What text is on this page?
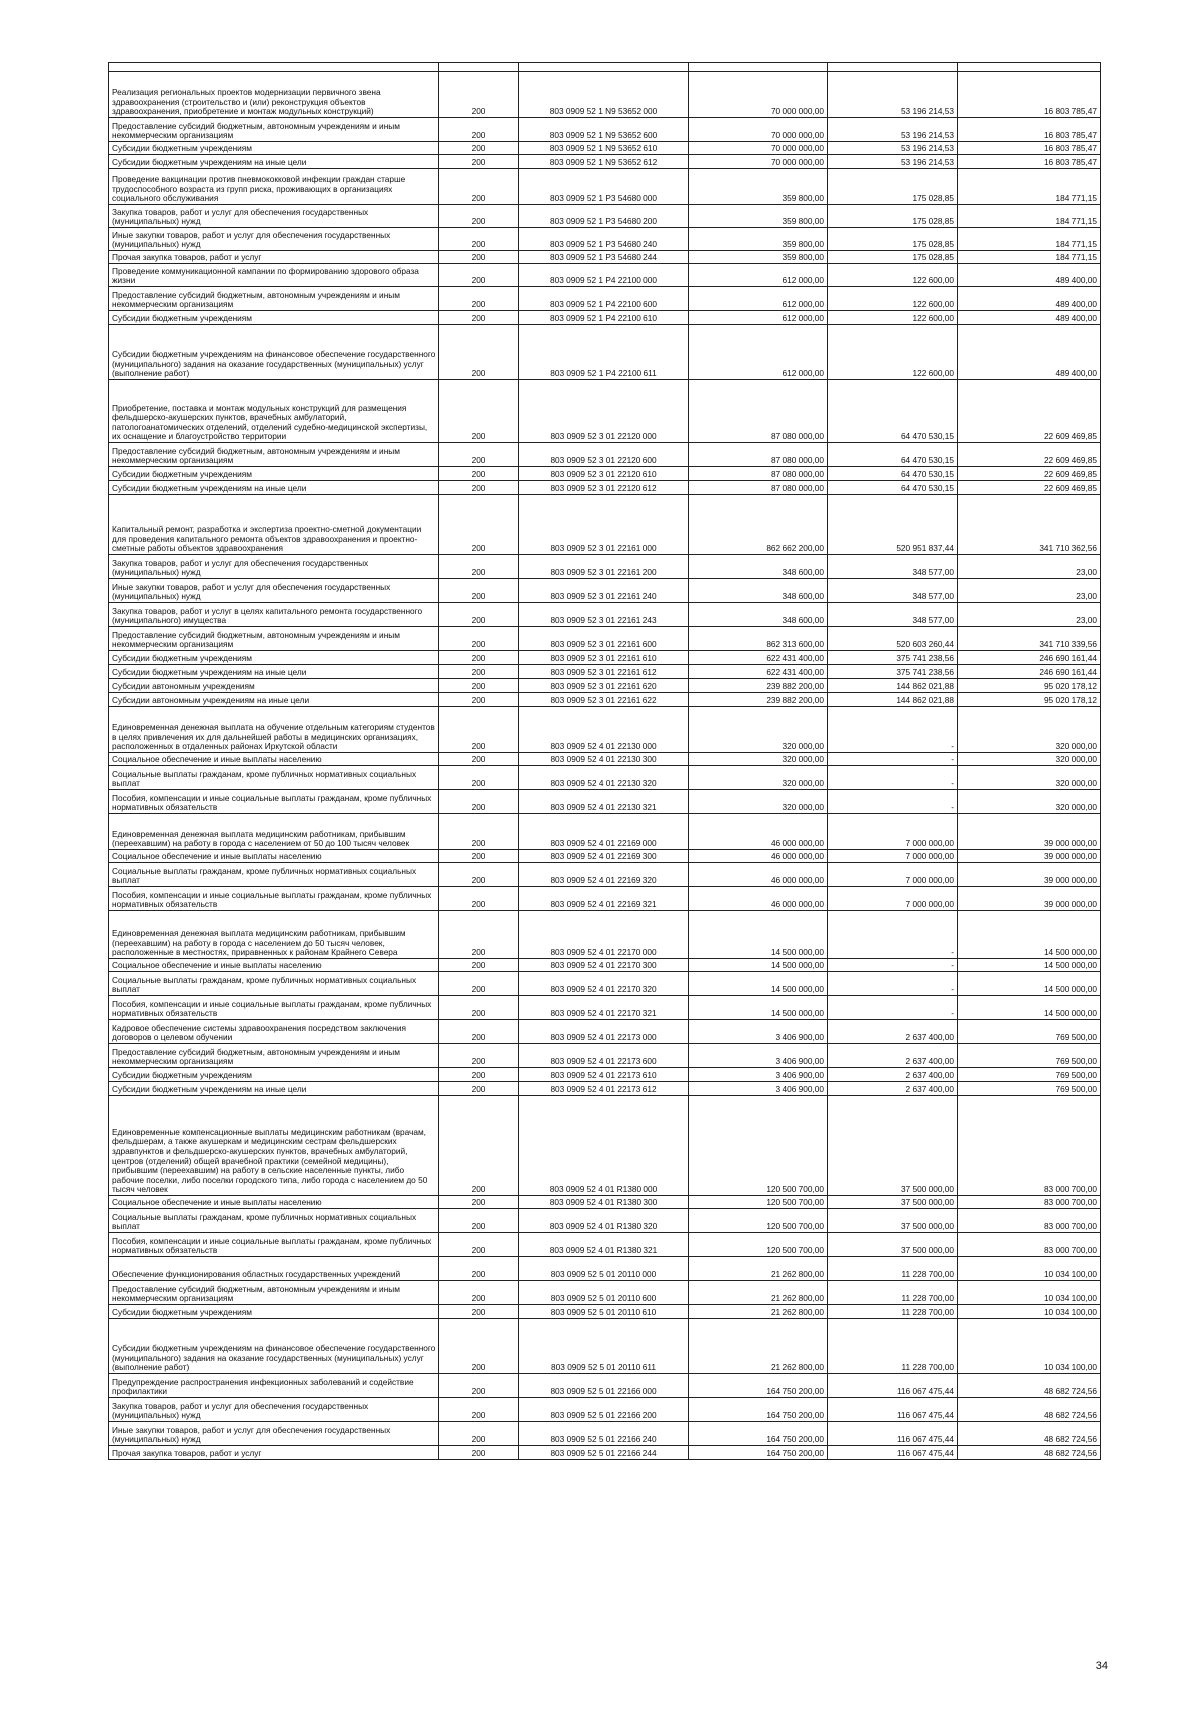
Реализация региональных проектов модернизации первичного звена здравоохранения (строительство и (или) реконструкция объектов здравоохранения, приобретение и монтаж модульных конструкций)	200	803 0909 52 1 N9 53652 000	70 000 000,00	53 196 214,53	16 803 785,47
Предоставление субсидий бюджетным, автономным учреждениям и иным некоммерческим организациям	200	803 0909 52 1 N9 53652 600	70 000 000,00	53 196 214,53	16 803 785,47
Субсидии бюджетным учреждениям	200	803 0909 52 1 N9 53652 610	70 000 000,00	53 196 214,53	16 803 785,47
Субсидии бюджетным учреждениям на иные цели	200	803 0909 52 1 N9 53652 612	70 000 000,00	53 196 214,53	16 803 785,47
Проведение вакцинации против пневмококковой инфекции граждан старше трудоспособного возраста из групп риска, проживающих в организациях социального обслуживания	200	803 0909 52 1 P3 54680 000	359 800,00	175 028,85	184 771,15
Закупка товаров, работ и услуг для обеспечения государственных (муниципальных) нужд	200	803 0909 52 1 P3 54680 200	359 800,00	175 028,85	184 771,15
Иные закупки товаров, работ и услуг для обеспечения государственных (муниципальных) нужд	200	803 0909 52 1 P3 54680 240	359 800,00	175 028,85	184 771,15
Прочая закупка товаров, работ и услуг	200	803 0909 52 1 P3 54680 244	359 800,00	175 028,85	184 771,15
Проведение коммуникационной кампании по формированию здорового образа жизни	200	803 0909 52 1 P4 22100 000	612 000,00	122 600,00	489 400,00
Предоставление субсидий бюджетным, автономным учреждениям и иным некоммерческим организациям	200	803 0909 52 1 P4 22100 600	612 000,00	122 600,00	489 400,00
Субсидии бюджетным учреждениям	200	803 0909 52 1 P4 22100 610	612 000,00	122 600,00	489 400,00
Субсидии бюджетным учреждениям на финансовое обеспечение государственного (муниципального) задания на оказание государственных (муниципальных) услуг (выполнение работ)	200	803 0909 52 1 P4 22100 611	612 000,00	122 600,00	489 400,00
Приобретение, поставка и монтаж модульных конструкций для размещения фельдшерско-акушерских пунктов, врачебных амбулаторий, патологоанатомических отделений, отделений судебно-медицинской экспертизы, их оснащение и благоустройство территории	200	803 0909 52 3 01 22120 000	87 080 000,00	64 470 530,15	22 609 469,85
Предоставление субсидий бюджетным, автономным учреждениям и иным некоммерческим организациям	200	803 0909 52 3 01 22120 600	87 080 000,00	64 470 530,15	22 609 469,85
Субсидии бюджетным учреждениям	200	803 0909 52 3 01 22120 610	87 080 000,00	64 470 530,15	22 609 469,85
Субсидии бюджетным учреждениям на иные цели	200	803 0909 52 3 01 22120 612	87 080 000,00	64 470 530,15	22 609 469,85
Капитальный ремонт, разработка и экспертиза проектно-сметной документации для проведения капитального ремонта объектов здравоохранения и проектно-сметные работы объектов здравоохранения	200	803 0909 52 3 01 22161 000	862 662 200,00	520 951 837,44	341 710 362,56
Закупка товаров, работ и услуг для обеспечения государственных (муниципальных) нужд	200	803 0909 52 3 01 22161 200	348 600,00	348 577,00	23,00
Иные закупки товаров, работ и услуг для обеспечения государственных (муниципальных) нужд	200	803 0909 52 3 01 22161 240	348 600,00	348 577,00	23,00
Закупка товаров, работ и услуг в целях капитального ремонта государственного (муниципального) имущества	200	803 0909 52 3 01 22161 243	348 600,00	348 577,00	23,00
Предоставление субсидий бюджетным, автономным учреждениям и иным некоммерческим организациям	200	803 0909 52 3 01 22161 600	862 313 600,00	520 603 260,44	341 710 339,56
Субсидии бюджетным учреждениям	200	803 0909 52 3 01 22161 610	622 431 400,00	375 741 238,56	246 690 161,44
Субсидии бюджетным учреждениям на иные цели	200	803 0909 52 3 01 22161 612	622 431 400,00	375 741 238,56	246 690 161,44
Субсидии автономным учреждениям	200	803 0909 52 3 01 22161 620	239 882 200,00	144 862 021,88	95 020 178,12
Субсидии автономным учреждениям на иные цели	200	803 0909 52 3 01 22161 622	239 882 200,00	144 862 021,88	95 020 178,12
Единовременная денежная выплата на обучение отдельным категориям студентов в целях привлечения их для дальнейшей работы в медицинских организациях, расположенных в отдаленных районах Иркутской области	200	803 0909 52 4 01 22130 000	320 000,00	-	320 000,00
Социальное обеспечение и иные выплаты населению	200	803 0909 52 4 01 22130 300	320 000,00	-	320 000,00
Социальные выплаты гражданам, кроме публичных нормативных социальных выплат	200	803 0909 52 4 01 22130 320	320 000,00	-	320 000,00
Пособия, компенсации и иные социальные выплаты гражданам, кроме публичных нормативных обязательств	200	803 0909 52 4 01 22130 321	320 000,00	-	320 000,00
Единовременная денежная выплата медицинским работникам, прибывшим (переехавшим) на работу в города с населением от 50 до 100 тысяч человек	200	803 0909 52 4 01 22169 000	46 000 000,00	7 000 000,00	39 000 000,00
Социальное обеспечение и иные выплаты населению	200	803 0909 52 4 01 22169 300	46 000 000,00	7 000 000,00	39 000 000,00
Социальные выплаты гражданам, кроме публичных нормативных социальных выплат	200	803 0909 52 4 01 22169 320	46 000 000,00	7 000 000,00	39 000 000,00
Пособия, компенсации и иные социальные выплаты гражданам, кроме публичных нормативных обязательств	200	803 0909 52 4 01 22169 321	46 000 000,00	7 000 000,00	39 000 000,00
Единовременная денежная выплата медицинским работникам, прибывшим (переехавшим) на работу в города с населением до 50 тысяч человек, расположенные в местностях, приравненных к районам Крайнего Севера	200	803 0909 52 4 01 22170 000	14 500 000,00	-	14 500 000,00
Социальное обеспечение и иные выплаты населению	200	803 0909 52 4 01 22170 300	14 500 000,00	-	14 500 000,00
Социальные выплаты гражданам, кроме публичных нормативных социальных выплат	200	803 0909 52 4 01 22170 320	14 500 000,00	-	14 500 000,00
Пособия, компенсации и иные социальные выплаты гражданам, кроме публичных нормативных обязательств	200	803 0909 52 4 01 22170 321	14 500 000,00	-	14 500 000,00
Кадровое обеспечение системы здравоохранения посредством заключения договоров о целевом обучении	200	803 0909 52 4 01 22173 000	3 406 900,00	2 637 400,00	769 500,00
Предоставление субсидий бюджетным, автономным учреждениям и иным некоммерческим организациям	200	803 0909 52 4 01 22173 600	3 406 900,00	2 637 400,00	769 500,00
Субсидии бюджетным учреждениям	200	803 0909 52 4 01 22173 610	3 406 900,00	2 637 400,00	769 500,00
Субсидии бюджетным учреждениям на иные цели	200	803 0909 52 4 01 22173 612	3 406 900,00	2 637 400,00	769 500,00
Единовременные компенсационные выплаты медицинским работникам (врачам, фельдшерам, а также акушеркам и медицинским сестрам фельдшерских здравпунктов и фельдшерско-акушерских пунктов, врачебных амбулаторий, центров (отделений) общей врачебной практики (семейной медицины), прибывшим (переехавшим) на работу в сельские населенные пункты, либо рабочие поселки, либо поселки городского типа, либо города с населением до 50 тысяч человек	200	803 0909 52 4 01 R1380 000	120 500 700,00	37 500 000,00	83 000 700,00
Социальное обеспечение и иные выплаты населению	200	803 0909 52 4 01 R1380 300	120 500 700,00	37 500 000,00	83 000 700,00
Социальные выплаты гражданам, кроме публичных нормативных социальных выплат	200	803 0909 52 4 01 R1380 320	120 500 700,00	37 500 000,00	83 000 700,00
Пособия, компенсации и иные социальные выплаты гражданам, кроме публичных нормативных обязательств	200	803 0909 52 4 01 R1380 321	120 500 700,00	37 500 000,00	83 000 700,00
Обеспечение функционирования областных государственных учреждений	200	803 0909 52 5 01 20110 000	21 262 800,00	11 228 700,00	10 034 100,00
Предоставление субсидий бюджетным, автономным учреждениям и иным некоммерческим организациям	200	803 0909 52 5 01 20110 600	21 262 800,00	11 228 700,00	10 034 100,00
Субсидии бюджетным учреждениям	200	803 0909 52 5 01 20110 610	21 262 800,00	11 228 700,00	10 034 100,00
Субсидии бюджетным учреждениям на финансовое обеспечение государственного (муниципального) задания на оказание государственных (муниципальных) услуг (выполнение работ)	200	803 0909 52 5 01 20110 611	21 262 800,00	11 228 700,00	10 034 100,00
Предупреждение распространения инфекционных заболеваний и содействие профилактики	200	803 0909 52 5 01 22166 000	164 750 200,00	116 067 475,44	48 682 724,56
Закупка товаров, работ и услуг для обеспечения государственных (муниципальных) нужд	200	803 0909 52 5 01 22166 200	164 750 200,00	116 067 475,44	48 682 724,56
Иные закупки товаров, работ и услуг для обеспечения государственных (муниципальных) нужд	200	803 0909 52 5 01 22166 240	164 750 200,00	116 067 475,44	48 682 724,56
Прочая закупка товаров, работ и услуг	200	803 0909 52 5 01 22166 244	164 750 200,00	116 067 475,44	48 682 724,56
34
